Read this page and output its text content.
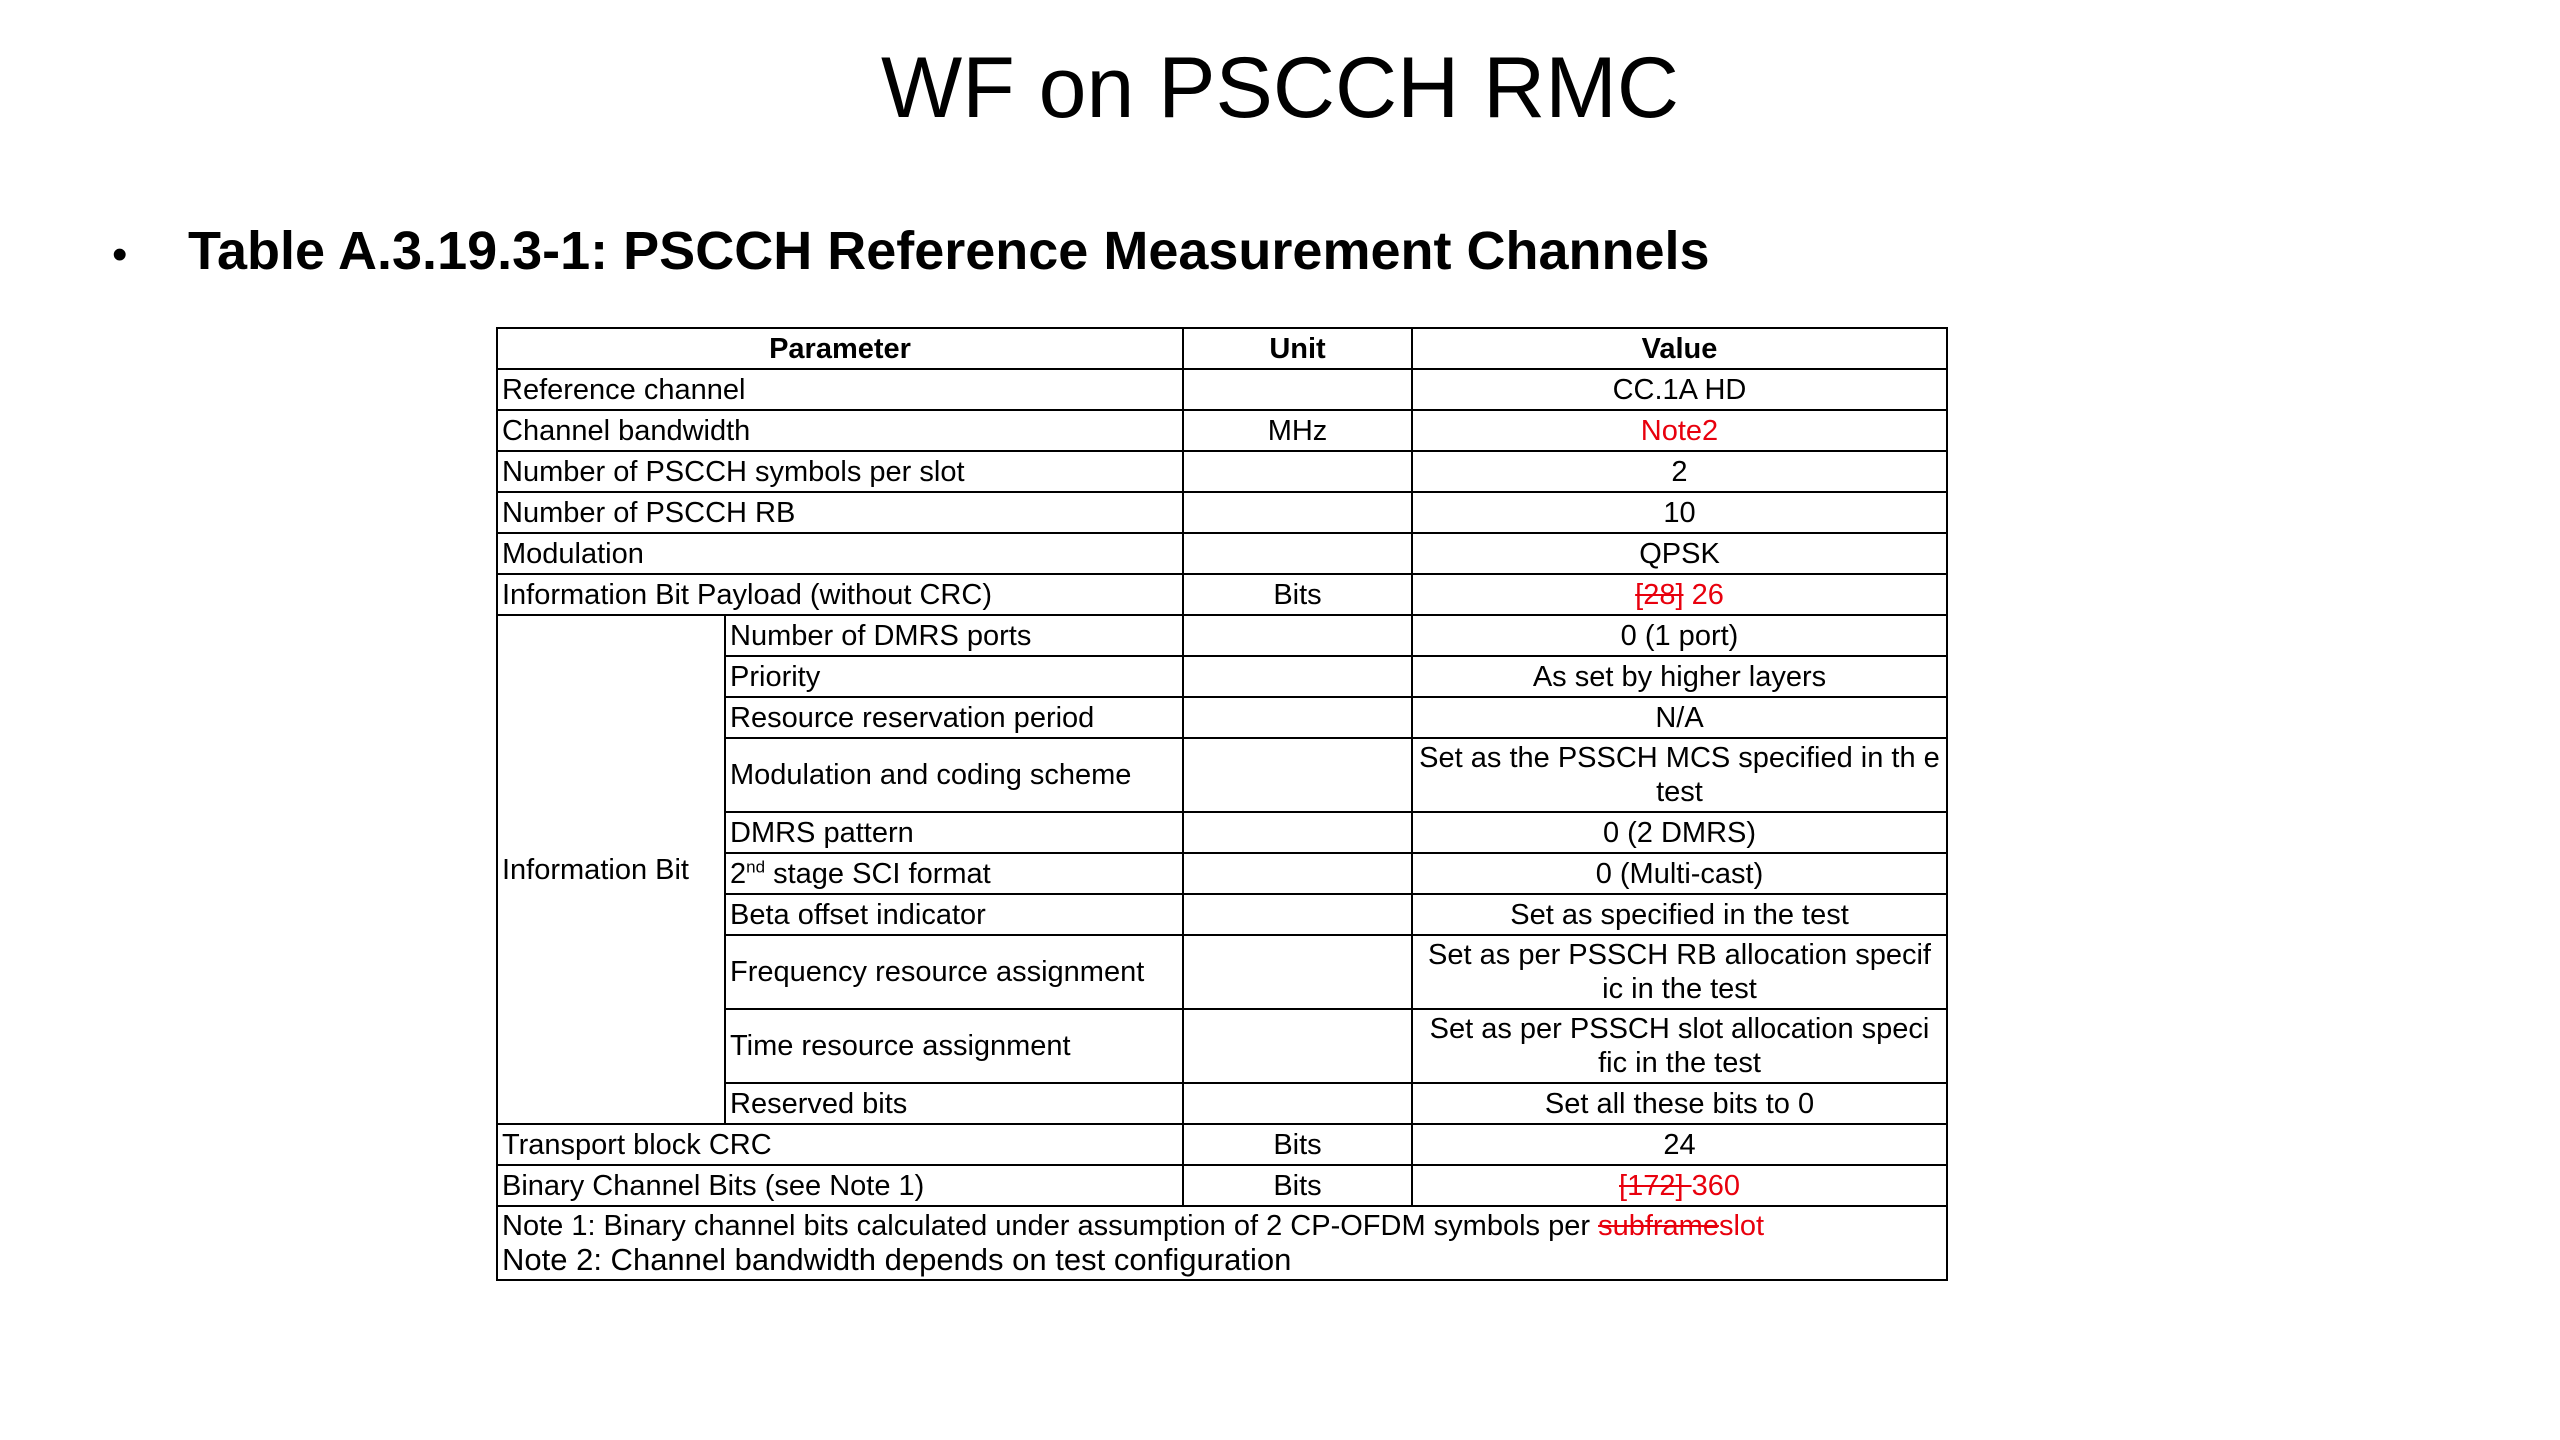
WF on PSCCH RMC
•	Table A.3.19.3-1: PSCCH Reference Measurement Channels
Parameter		Unit	Value
Reference channel			CC.1A HD
Channel bandwidth		MHz	Note2
Number of PSCCH symbols per slot			2
Number of PSCCH RB			10
Modulation			QPSK
Information Bit Payload (without CRC)		Bits	[28] 26
Information Bit	Number of DMRS ports		0 (1 port)
	Priority		As set by higher layers
	Resource reservation period		N/A
	Modulation and coding scheme		Set as the PSSCH MCS specified in th e test
	DMRS pattern		0 (2 DMRS)
	2nd stage SCI format		0 (Multi-cast)
	Beta offset indicator		Set as specified in the test
	Frequency resource assignment		Set as per PSSCH RB allocation specif ic in the test
	Time resource assignment		Set as per PSSCH slot allocation speci fic in the test
	Reserved bits		Set all these bits to 0
Transport block CRC		Bits	24
Binary Channel Bits (see Note 1)		Bits	[172] 360

Note 1: Binary channel bits calculated under assumption of 2 CP-OFDM symbols per subframeslot
Note 2: Channel bandwidth depends on test configuration			
